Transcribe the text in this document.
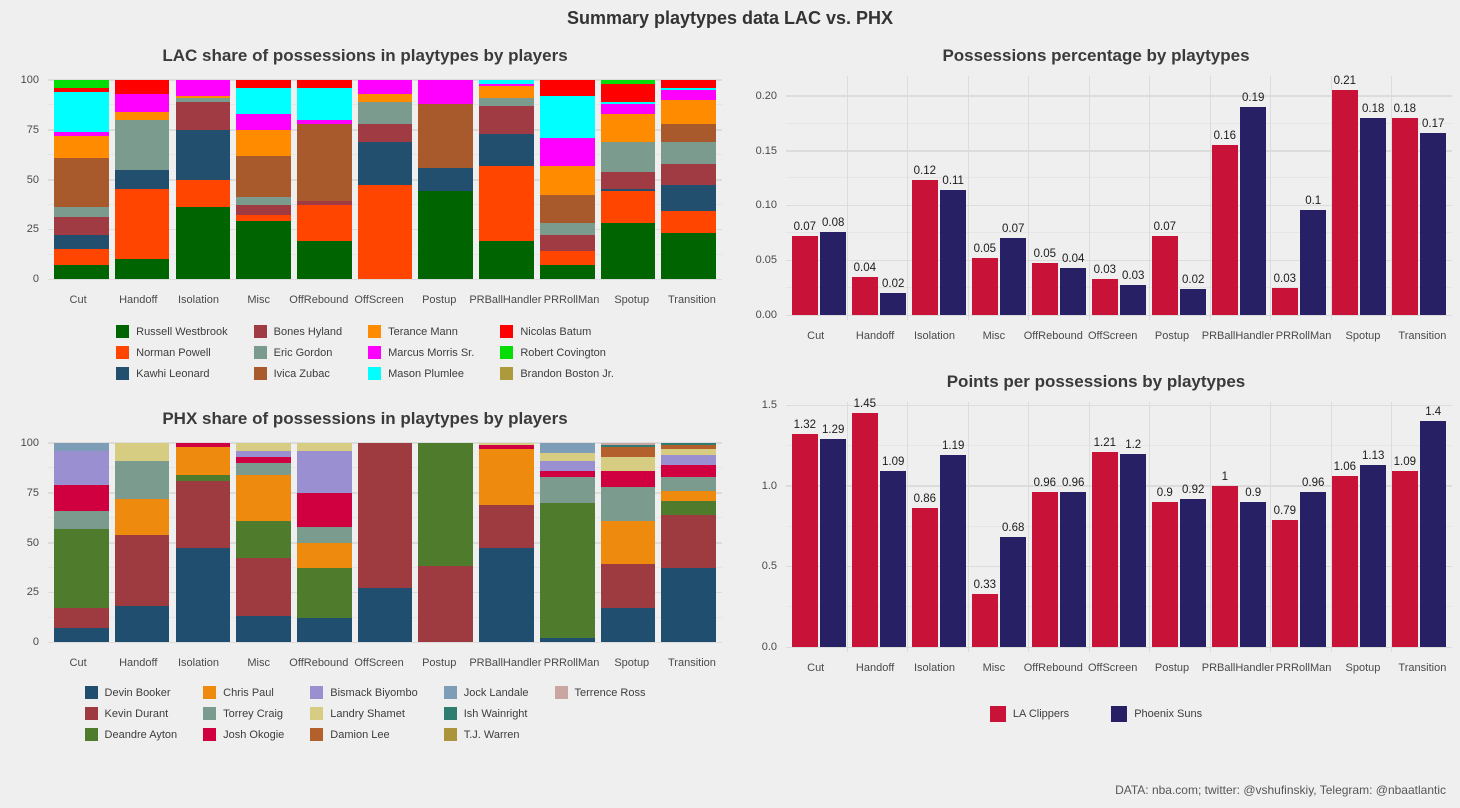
Summary playtypes data LAC vs. PHX
LAC share of possessions in playtypes by players
0
25
50
75
100
Cut	Handoff	Isolation	Misc	OffRebound OffScreen	Postup	PRBallHandler PRRollMan	Spotup	Transition
Russell Westbrook
Norman Powell
Kawhi Leonard
Bones Hyland
Eric Gordon
Ivica Zubac
Terance Mann
Marcus Morris Sr.
Mason Plumlee
Nicolas Batum
Robert Covington
Brandon Boston Jr.
PHX share of possessions in playtypes by players
0
25
50
75
100
Cut	Handoff	Isolation	Misc	OffRebound OffScreen	Postup	PRBallHandler PRRollMan	Spotup	Transition
Devin Booker
Kevin Durant
Deandre Ayton
Chris Paul
Torrey Craig
Josh Okogie
Bismack Biyombo
Landry Shamet
Damion Lee
Jock Landale
Ish Wainright
T.J. Warren
Terrence Ross
Possessions percentage by playtypes
0.00
0.05
0.10
0.15
0.20
0.07 0.08
0.04
0.02
0.12
0.11
0.05
0.07
0.05 0.04
0.03
0.03
0.07
0.02
0.16
0.19
0.03
0.1
0.21
0.18 0.18
0.17
Cut	Handoff	Isolation	Misc	OffRebound OffScreen	Postup	PRBallHandler PRRollMan	Spotup	Transition
Points per possessions by playtypes
0.0
0.5
1.0
1.5
1.32 1.29
1.45
1.09
0.86
1.19
0.33
0.68
0.96 0.96
1.21 1.2
0.9 0.92
1
0.9
0.79
0.96
1.06
1.13
1.09
1.4
Cut	Handoff	Isolation	Misc	OffRebound OffScreen	Postup	PRBallHandler PRRollMan	Spotup	Transition
LA Clippers	Phoenix Suns
DATA: nba.com; twitter: @vshufinskiy, Telegram: @nbaatlantic
